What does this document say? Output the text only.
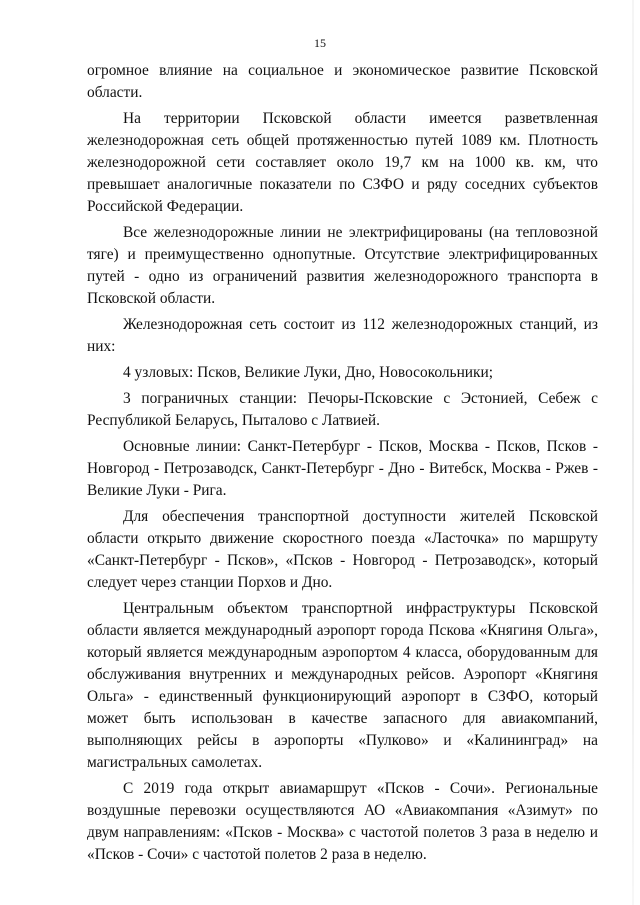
15

огромное влияние на социальное и экономическое развитие Псковской области.

На территории Псковской области имеется разветвленная железнодорожная сеть общей протяженностью путей 1089 км. Плотность железнодорожной сети составляет около 19,7 км на 1000 кв. км, что превышает аналогичные показатели по СЗФО и ряду соседних субъектов Российской Федерации.

Все железнодорожные линии не электрифицированы (на тепловозной тяге) и преимущественно однопутные. Отсутствие электрифицированных путей - одно из ограничений развития железнодорожного транспорта в Псковской области.

Железнодорожная сеть состоит из 112 железнодорожных станций, из них:

4 узловых: Псков, Великие Луки, Дно, Новосокольники;

3 пограничных станции: Печоры-Псковские с Эстонией, Себеж с Республикой Беларусь, Пыталово с Латвией.

Основные линии: Санкт-Петербург - Псков, Москва - Псков, Псков - Новгород - Петрозаводск, Санкт-Петербург - Дно - Витебск, Москва - Ржев - Великие Луки - Рига.

Для обеспечения транспортной доступности жителей Псковской области открыто движение скоростного поезда «Ласточка» по маршруту «Санкт-Петербург - Псков», «Псков - Новгород - Петрозаводск», который следует через станции Порхов и Дно.

Центральным объектом транспортной инфраструктуры Псковской области является международный аэропорт города Пскова «Княгиня Ольга», который является международным аэропортом 4 класса, оборудованным для обслуживания внутренних и международных рейсов. Аэропорт «Княгиня Ольга» - единственный функционирующий аэропорт в СЗФО, который может быть использован в качестве запасного для авиакомпаний, выполняющих рейсы в аэропорты «Пулково» и «Калининград» на магистральных самолетах.

С 2019 года открыт авиамаршрут «Псков - Сочи». Региональные воздушные перевозки осуществляются АО «Авиакомпания «Азимут» по двум направлениям: «Псков - Москва» с частотой полетов 3 раза в неделю и «Псков - Сочи» с частотой полетов 2 раза в неделю.
